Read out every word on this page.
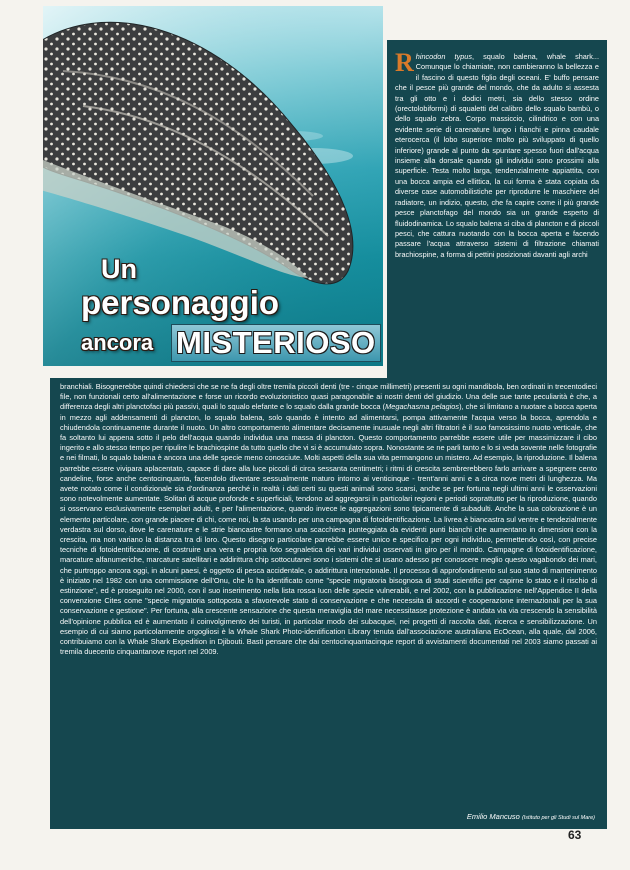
Un
personaggio
ancora MISTERIOSO

Rhincodon typus, squalo balena, whale shark... Comunque lo chiamiate, non cambieranno la bellezza e il fascino di questo figlio degli oceani. E' buffo pensare che il pesce più grande del mondo, che da adulto si assesta tra gli otto e i dodici metri, sia dello stesso ordine (orectolobiformi) di squaletti del calibro dello squalo bambù, o dello squalo zebra. Corpo massiccio, cilindrico e con una evidente serie di carenature lungo i fianchi e pinna caudale eterocerca (il lobo superiore molto più sviluppato di quello inferiore) grande al punto da spuntare spesso fuori dall'acqua insieme alla dorsale quando gli individui sono prossimi alla superficie. Testa molto larga, tendenzialmente appiattita, con una bocca ampia ed ellittica, la cui forma è stata copiata da diverse case automobilistiche per riprodurre le maschiere del radiatore, un indizio, questo, che fa capire come il più grande pesce planctofago del mondo sia un grande esperto di fluidodinamica. Lo squalo balena si ciba di plancton e di piccoli pesci, che cattura nuotando con la bocca aperta e facendo passare l'acqua attraverso sistemi di filtrazione chiamati brachiospine, a forma di pettini posizionati davanti agli archi

branchiali. Bisognerebbe quindi chiedersi che se ne fa degli oltre tremila piccoli denti (tre - cinque millimetri) presenti su ogni mandibola, ben ordinati in trecentodieci file, non funzionali certo all'alimentazione e forse un ricordo evoluzionistico quasi paragonabile ai nostri denti del giudizio. Una delle sue tante peculiarità è che, a differenza degli altri planctofaci più passivi, quali lo squalo elefante e lo squalo dalla grande bocca (Megachasma pelagios), che si limitano a nuotare a bocca aperta in mezzo agli addensamenti di plancton, lo squalo balena, solo quando è intento ad alimentarsi, pompa attivamente l'acqua verso la bocca, aprendola e chiudendola continuamente durante il nuoto. Un altro comportamento alimentare decisamente inusuale negli altri filtratori è il suo famosissimo nuoto verticale, che fa soltanto lui appena sotto il pelo dell'acqua quando individua una massa di plancton. Questo comportamento parrebbe essere utile per massimizzare il cibo ingerito e allo stesso tempo per ripulire le brachiospine da tutto quello che vi si è accumulato sopra. Nonostante se ne parli tanto e lo si veda sovente nelle fotografie e nei filmati, lo squalo balena è ancora una delle specie meno conosciute. Molti aspetti della sua vita permangono un mistero. Ad esempio, la riproduzione. Il balena parrebbe essere vivipara aplacentato, capace di dare alla luce piccoli di circa sessanta centimetri; i ritmi di crescita sembrerebbero farlo arrivare a spegnere cento candeline, forse anche centocinquanta, facendolo diventare sessualmente maturo intorno ai venticinque - trent'anni anni e a circa nove metri di lunghezza. Ma avete notato come il condizionale sia d'ordinanza perché in realtà i dati certi su questi animali sono scarsi, anche se per fortuna negli ultimi anni le osservazioni sono notevolmente aumentate. Solitari di acque profonde e superficiali, tendono ad aggregarsi in particolari regioni e periodi soprattutto per la riproduzione, quando si osservano esclusivamente esemplari adulti, e per l'alimentazione, quando invece le aggregazioni sono tipicamente di subadulti. Anche la sua colorazione è un elemento particolare, con grande piacere di chi, come noi, la sta usando per una campagna di fotoidentificazione. La livrea è biancastra sul ventre e tendezialmente verdastra sul dorso, dove le carenature e le strie biancastre formano una scacchiera punteggiata da evidenti punti bianchi che aumentano in dimensioni con la crescita, ma non variano la distanza tra di loro. Questo disegno particolare parrebbe essere unico e specifico per ogni individuo, permettendo così, con precise tecniche di fotoidentificazione, di costruire una vera e propria foto segnaletica dei vari individui osservati in giro per il mondo. Campagne di fotoidentificazione, marcature alfanumeriche, marcature satellitari e addirittura chip sottocutanei sono i sistemi che si usano adesso per conoscere meglio questo vagabondo dei mari, che purtroppo ancora oggi, in alcuni paesi, è oggetto di pesca accidentale, o addirittura intenzionale. Il processo di approfondimento sul suo stato di mantenimento è iniziato nel 1982 con una commissione dell'Onu, che lo ha identificato come "specie migratoria bisognosa di studi scientifici per capirne lo stato e il rischio di estinzione", ed è proseguito nel 2000, con il suo inserimento nella lista rossa Iucn delle specie vulnerabili, e nel 2002, con la pubblicazione nell'Appendice II della convenzione Cites come "specie migratoria sottoposta a sfavorevole stato di conservazione e che necessita di accordi e cooperazione internazionali per la sua conservazione e gestione". Per fortuna, alla crescente sensazione che questa meraviglia del mare necessitasse protezione è andata via via crescendo la sensibilità dell'opinione pubblica ed è aumentato il coinvolgimento dei turisti, in particolar modo dei subacquei, nei progetti di raccolta dati, ricerca e sensibilizzazione. Un esempio di cui siamo particolarmente orgogliosi è la Whale Shark Photo-identification Library tenuta dall'associazione australiana EcOcean, alla quale, dal 2006, contribuiamo con la Whale Shark Expedition in Djibouti. Basti pensare che dai centocinquantacinque report di avvistamenti documentati nel 2003 siamo passati ai tremila duecento cinquantanove report nel 2009.

Emilio Mancuso (Istituto per gli Studi sul Mare)
63
